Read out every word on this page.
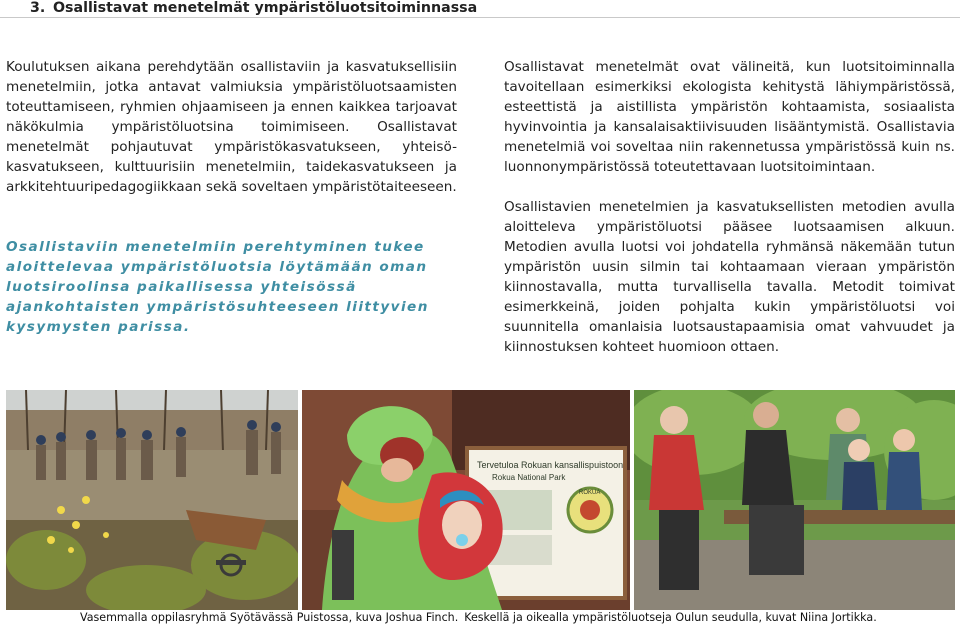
3. Osallistavat menetelmät ympäristöluotsitoiminnassa

Koulutuksen aikana perehdytään osallistaviin ja kasvatuksellisiin menetelmiin, jotka antavat valmiuksia ympäristöluotsaamisten toteuttamiseen, ryhmien ohjaamiseen ja ennen kaikkea tarjoavat näkökulmia ympäristöluotsina toimimiseen. Osallistavat menetelmät pohjautuvat ympäristökasvatukseen, yhteisö-kasvatukseen, kulttuurisiin menetelmiin, taidekasvatukseen ja arkkitehtuuripedagogiikkaan sekä soveltaen ympäristötaiteeseen.

Osallistaviin menetelmiin perehtyminen tukee aloittelevaa ympäristöluotsia löytämään oman luotsiroolinsa paikallisessa yhteisössä ajankohtaisten ympäristösuhteeseen liittyvien kysymysten parissa.

Osallistavat menetelmät ovat välineitä, kun luotsitoiminnalla tavoitellaan esimerkiksi ekologista kehitystä lähiympäristössä, esteettistä ja aistillista ympäristön kohtaamista, sosiaalista hyvinvointia ja kansalaisaktiivisuuden lisääntymistä. Osallistavia menetelmiä voi soveltaa niin rakennetussa ympäristössä kuin ns. luonnonympäristössä toteutettavaan luotsitoimintaan.

Osallistavien menetelmien ja kasvatuksellisten metodien avulla aloitteleva ympäristöluotsi pääsee luotsaamisen alkuun. Metodien avulla luotsi voi johdatella ryhmänsä näkemään tutun ympäristön uusin silmin tai kohtaamaan vieraan ympäristön kiinnostavalla, mutta turvallisella tavalla. Metodit toimivat esimerkkeinä, joiden pohjalta kukin ympäristöluotsi voi suunnitella omanlaisia luotsaustapaamisia omat vahvuudet ja kiinnostuksen kohteet huomioon ottaen.

Tervetuloa Rokuan kansallispuistoon
Rokua National Park
ROKUA
Vasemmalla oppilasryhmä Syötävässä Puistossa, kuva Joshua Finch. Keskellä ja oikealla ympäristöluotseja Oulun seudulla, kuvat Niina Jortikka.
